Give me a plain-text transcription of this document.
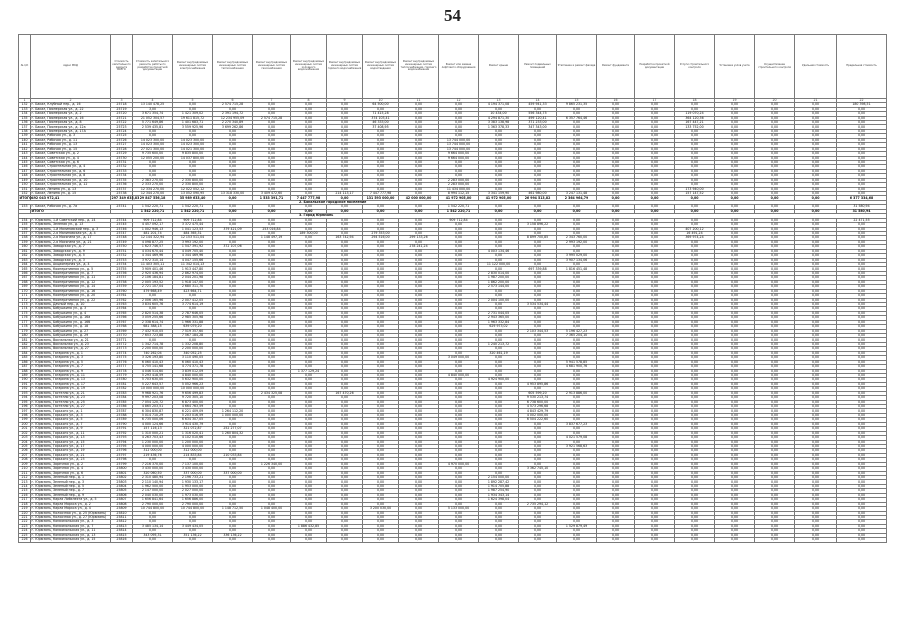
54
№ п/п	Адрес МКД	Стоимость капитального ремонта ВСЕГО	Стоимость капитального ремонта, работы по разработке проектной документации	Ремонт внутридомовых инженерных систем электроснабжения	Ремонт внутридомовых инженерных систем теплоснабжения	Ремонт внутридомовых инженерных систем газоснабжения	Ремонт внутридомовых инженерных систем холодного водоснабжения	Ремонт внутридомовых инженерных систем горячего водоснабжения	Ремонт внутридомовых инженерных систем водоотведения	Ремонт внутридомовых инженерных систем теплоснабжения, горячего водоснабжения	Ремонт или замена лифтового оборудования	Ремонт крыши	Ремонт подвальных помещений	Утепление и ремонт фасада	Ремонт фундамента	Разработка проектной документации	Услуги строительного контроля	Установка узлов учета	Осуществление строительного контроля	Удельная стоимость	Предельная стоимость	
1	2	3	4	5	6	7	8	9	10	11	12	13	14	15	16	17	18	19	20	21	22	
132	г. Бакал, Клубный пер., д. 16	25718	13 140 478,25	0,00	2 574 715,28	0,00	0,00	0,00	64 500,00	0,00	0,00	4 194 371,08	459 941,33	9 865 231,35	0,00	0,00	0,00	0,00	0,00	0,00	180 398,51	
133	г. Бакал, Пионерская ул., д. 22	25719	3,00	0,00	0,00	0,00	0,00	0,00	0,00	0,00	0,00	0,00	0,00	0,00	0,00	0,00	0,00	0,00	0,00	0,00	0,00	
134	г. Бакал, Пионерская ул., д. 2	25720	3 671 354,74	1 421 309,02	2 391 194,72	0,00	0,00	0,00	71 415,28	0,00	0,00	10 434,00	556 344,75	0,00	0,00	0,00	119 070,24	0,00	0,00	0,00	0,00	
135	г. Бакал, Пионерская ул., д. 16	25721	21 052 304,57	19 611 815,72	12 234 955,09	2 574 715,28	0,00	0,00	374 103,41	0,00	0,00	4 294 871,30	499 120,41	6 357 764,46	0,00	0,00	364 120,36	0,00	0,00	0,00	0,00	
136	г. Бакал, Пионерская ул., д. 8	25722	5 771 649,86	1 401 683,71	2 270 340,89	0,00	0,00	0,00	46 333,00	0,00	0,00	3 383 138,98	371 233,00	0,00	0,00	0,00	167 447,21	0,00	0,00	0,00	0,00	
137	г. Бакал, Пионерская ул., д. 12а	25723	2 539 435,81	3 559 925,96	3 699 262,86	0,00	0,00	0,00	37 408,95	0,00	0,00	1 363 378,33	347 343,00	0,00	0,00	0,00	133 752,00	0,00	0,00	0,00	0,00	
138	г. Бакал, Пионерская ул., д. 17А	25724	0,00	0,00	0,00	0,00	0,00	0,00	0,00	0,00	0,00	0,00	0,00	0,00	0,00	0,00	0,00	0,00	0,00	0,00	0,00	
139	г. Бакал, Рабочая ул., д. 3	25725	0,00	0,00	0,00	0,00	0,00	0,00	0,00	0,00	0,00	0,00	0,00	0,00	0,00	0,00	0,00	0,00	0,00	0,00	0,00	
140	г. Бакал, Рабочая ул., д. 11	25726	14 023 300,00	14 023 300,00	0,00	0,00	0,00	0,00	0,00	0,00	13 744 000,00	0,00	0,00	0,00	0,00	0,00	0,00	0,00	0,00	0,00	0,00	
141	г. Бакал, Рабочая ул., д. 13	25727	14 023 300,00	14 023 300,00	0,00	0,00	0,00	0,00	0,00	0,00	13 744 000,00	0,00	0,00	0,00	0,00	0,00	0,00	0,00	0,00	0,00	0,00	
142	г. Бакал, Рабочая ул., д. 15	25728	27 021 300,00	14 021 300,00	0,00	0,00	0,00	0,00	0,00	0,00	13 744 000,00	0,00	0,00	0,00	0,00	0,00	0,00	0,00	0,00	0,00	0,00	
143	г. Бакал, Советская ул., д. 2	25729	9 735 600,00	9 835 800,00	0,00	0,00	0,00	0,00	0,00	0,00	9 664 000,00	0,00	0,00	0,00	0,00	0,00	0,00	0,00	0,00	0,00	0,00	
144	г. Бакал, Советская ул., д. 4	25730	12 055 200,00	14 037 800,00	0,00	0,00	0,00	0,00	0,00	0,00	9 664 000,00	0,00	0,00	0,00	0,00	0,00	0,00	0,00	0,00	0,00	0,00	
145	г. Бакал, Советская ул., д. 6	25731	0,00	0,00	0,00	0,00	0,00	0,00	0,00	0,00	0,00	0,00	0,00	0,00	0,00	0,00	0,00	0,00	0,00	0,00	0,00	
146	г. Бакал, Строительная ул., д. 4	25732	0,00	0,00	0,00	0,00	0,00	0,00	0,00	0,00	0,00	0,00	0,00	0,00	0,00	0,00	0,00	0,00	0,00	0,00	0,00	
147	г. Бакал, Строительная ул., д. 6	25733	0,00	0,00	0,00	0,00	0,00	0,00	0,00	0,00	0,00	0,00	0,00	0,00	0,00	0,00	0,00	0,00	0,00	0,00	0,00	
148	г. Бакал, Строительная ул., д. 8	25734	0,00	0,00	0,00	0,00	0,00	0,00	0,00	0,00	0,00	0,00	0,00	0,00	0,00	0,00	0,00	0,00	0,00	0,00	0,00	
149	г. Бакал, Строительная ул., д. 10	25735	2 383 270,00	2 330 800,00	0,00	0,00	0,00	0,00	0,00	0,00	2 283 000,00	0,00	0,00	0,00	0,00	0,00	0,00	0,00	0,00	0,00	0,00	
150	г. Бакал, Строительная ул., д. 12	25736	2 333 270,00	2 330 800,00	0,00	0,00	0,00	0,00	0,00	0,00	2 283 000,00	0,00	0,00	0,00	0,00	0,00	0,00	0,00	0,00	0,00	0,00	
151	г. Бакал, Ленина ул., д. 13	25737	12 334 270,00	12 022 052,12	0,00	0,00	0,00	0,00	0,00	0,00	11 434 000,00	0,00	0,00	0,00	0,00	0,00	173 940,00	0,00	0,00	0,00	0,00	
152	г. Бакал, Ленина ул., д. 15	25738	12 344 270,00	13 052 090,95	13 318 330,00	3 409 472,60	0,00	214 113,17	7 447 777,98	0,00	8 994 112,15	3 341 159,90	461 980,00	3 247 131,48	0,00	0,00	157 147,52	0,00	0,00	0,00	0,00	
ИТОГО	492 043 972,41	297 349 635,83	29 847 556,18	35 989 633,40	0,00	1 533 391,71	7 447 777,98	0,00	131 593 000,00	42 000 000,00	41 972 905,00	41 972 905,00	26 994 513,82	2 364 964,79	0,00	0,00	0,00	0,00	0,00	0,00	6 377 334,68	
2. Бакальское городское поселение																						
153	г. Бакал, Рабочая ул., д. 7а	25741	1 542 220,71	1 542 220,71	0,00	0,00	0,00	0,00	0,00	0,00	1 542 220,71	0,00	0,00	0,00	0,00	0,00	0,00	0,00	0,00	0,00	31 580,94	
	ИТОГО		1 542 220,71	1 542 220,71	0,00	0,00	0,00	0,00	0,00	0,00	1 542 220,71	0,00	0,00	0,00	0,00	0,00	0,00	0,00	0,00	0,00	31 580,94	
3. Город Юрюзань																						
154	г. Юрюзань, 1-й Советский пер., д. 14	25744	909 712,84	909 712,84	0,00	0,00	0,00	0,00	0,00	0,00	909 712,84	0,00	0,00	0,00	0,00	0,00	0,00	0,00	0,00	0,00	22 471,55	
155	г. Юрюзань, Зеленая ул., д. 13	25745	4 457 092,17	3 372 475,44	0,00	0,00	0,00	0,00	0,00	0,00	0,00	0,00	3 158 896,22	0,00	0,00	0,00	0,00	0,00	0,00	0,00	0,00	
156	г. Юрюзань, 1-й Малиновский пер., д. 3	25746	1 002 946,13	1 041 123,53	379 421,09	253 016,84	0,00	0,00	0,00	0,00	0,00	0,00	0,00	0,00	0,00	0,00	407 200,12	0,00	0,00	0,00	0,00	
157	г. Юрюзань, 2-я Малиновская ул., д. 4	25747	481 201,74	484 365,31	0,00	0,00	189 300,00	0,00	279 353,00	0,00	0,00	0,00	0,00	0,00	0,00	0,00	16 491,24	0,00	0,00	0,00	0,00	
158	г. Юрюзань, 2-я Мосягина ул., д. 17	25748	12 144 322,94	12 153 511,04	0,00	1 148 497,19	0,00	163 742,94	294 516,00	299 133,26	0,00	0,00	8 899 700,85	2 343 760,00	0,00	0,00	369 974,24	0,00	0,00	0,00	0,00	
159	г. Юрюзань, 2-я Мосягина ул., д. 21	25749	4 098 877,25	3 993 192,00	0,00	0,00	0,00	0,00	0,00	0,00	0,00	0,00	0,00	2 993 192,00	0,00	0,00	0,00	0,00	0,00	0,00	0,00	
160	г. Юрюзань, Заводская ул., д. 7	25750	1 623 746,57	1 547 391,92	372 107,06	0,00	0,00	0,00	0,00	278 241,24	0,00	0,00	0,00	0,00	0,00	0,00	0,00	0,00	0,00	0,00	0,00	
161	г. Юрюзань, Заводская ул., д. 9	25751	4 034 670,44	4 049 705,40	0,00	0,00	0,00	0,00	0,00	0,00	0,00	4 003 134,46	0,00	0,00	0,00	0,00	0,00	0,00	0,00	0,00	0,00	
162	г. Юрюзань, Заводская ул., д. 5	25752	4 344 469,96	4 344 469,96	0,00	0,00	0,00	0,00	0,00	0,00	0,00	0,00	0,00	3 995 029,00	0,00	0,00	0,00	0,00	0,00	0,00	0,00	
163	г. Юрюзань, Заводская ул., д. 3	25753	3 972 310,14	4 047 155,66	0,00	0,00	0,00	0,00	0,00	0,00	0,00	0,00	0,00	3 907 134,06	0,00	0,00	0,00	0,00	0,00	0,00	0,00	
164	г. Юрюзань, Акционерная ул., д. 4	25754	11 403 305,11	11 342 014,13	0,00	0,00	0,00	0,00	0,00	0,00	0,00	11 122 000,00	0,00	0,00	0,00	0,00	0,00	0,00	0,00	0,00	0,00	
165	г. Юрюзань, Кооперативная ул., д. 5	25755	3 909 401,46	1 913 447,80	0,00	0,00	0,00	0,00	0,00	0,00	0,00	0,00	697 339,88	1 816 451,48	0,00	0,00	0,00	0,00	0,00	0,00	0,00	
166	г. Юрюзань, Кооперативная ул., д. 7	25756	2 920 436,94	2 862 974,00	0,00	0,00	0,00	0,00	0,00	0,00	0,00	2 830 014,00	0,00	0,00	0,00	0,00	0,00	0,00	0,00	0,00	0,00	
167	г. Юрюзань, Кооперативная ул., д. 11	25757	2 106 184,81	2 044 201,98	0,00	0,00	0,00	0,00	0,00	0,00	0,00	1 987 200,00	0,00	0,00	0,00	0,00	0,00	0,00	0,00	0,00	0,00	
168	г. Юрюзань, Кооперативная ул., д. 12	25758	2 005 193,52	1 918 147,00	0,00	0,00	0,00	0,00	0,00	0,00	0,00	1 862 200,00	0,00	0,00	0,00	0,00	0,00	0,00	0,00	0,00	0,00	
169	г. Юрюзань, Кооперативная ул., д. 14	25759	2 721 107,04	2 680 311,70	0,00	0,00	0,00	0,00	0,00	0,00	0,00	2 573 144,00	0,00	0,00	0,00	0,00	0,00	0,00	0,00	0,00	0,00	
170	г. Юрюзань, Кооперативная ул., д. 16	25760	479 668,49	423 664,71	0,00	0,00	0,00	0,00	0,00	0,00	0,00	0,00	0,00	0,00	0,00	0,00	0,00	0,00	0,00	0,00	0,00	
171	г. Юрюзань, Кооперативная ул., д. 20	25761	0,00	0,00	0,00	0,00	0,00	0,00	0,00	0,00	0,00	0,00	0,00	0,00	0,00	0,00	0,00	0,00	0,00	0,00	0,00	
172	г. Юрюзань, Кооперативная ул., д. 22	25762	2 006 165,96	2 007 412,05	0,00	0,00	0,00	0,00	0,00	0,00	0,00	2 004 100,00	0,00	0,00	0,00	0,00	0,00	0,00	0,00	0,00	0,00	
173	г. Юрюзань, Дачный пер., д. 10	25763	3 834 605,76	3 774 614,19	0,00	0,00	0,00	0,00	0,00	0,00	0,00	0,00	3 534 534,44	0,00	0,00	0,00	0,00	0,00	0,00	0,00	0,00	
174	г. Юрюзань, Бабушкина ул., д. 3	25764	0,00	0,00	0,00	0,00	0,00	0,00	0,00	0,00	0,00	0,00	0,00	0,00	0,00	0,00	0,00	0,00	0,00	0,00	0,00	
175	г. Юрюзань, Бабушкина ул., д. 4	25765	2 820 514,38	2 787 646,05	0,00	0,00	0,00	0,00	0,00	0,00	0,00	2 731 044,05	0,00	0,00	0,00	0,00	0,00	0,00	0,00	0,00	0,00	
176	г. Юрюзань, Бабушкина ул., д. 16а	25766	3 059 255,66	2 985 305,98	0,00	0,00	0,00	0,00	0,00	0,00	0,00	2 943 365,00	0,00	0,00	0,00	0,00	0,00	0,00	0,00	0,00	0,00	
177	г. Юрюзань, Бабушкина ул., д. 16б	25767	2 338 614,74	1 966 331,88	0,00	0,00	0,00	0,00	0,00	0,00	0,00	1 963 332,84	0,00	0,00	0,00	0,00	0,00	0,00	0,00	0,00	0,00	
178	г. Юрюзань, Бабушкина ул., д. 18	25768	681 388,15	639 079,20	0,00	0,00	0,00	0,00	0,00	0,00	0,00	629 973,02	0,00	0,00	0,00	0,00	0,00	0,00	0,00	0,00	0,00	
179	г. Юрюзань, Бабушкина ул., д. 27	25769	7 432 910,05	7 519 357,60	0,00	0,00	0,00	0,00	0,00	0,00	0,00	0,00	2 103 344,53	5 196 427,23	0,00	0,00	0,00	0,00	0,00	0,00	0,00	
180	г. Юрюзань, Бабушкина ул., д. 29	25770	7 653 723,88	7 567 184,28	0,00	0,00	0,00	0,00	0,00	0,00	0,00	0,00	0,00	7 365 204,10	0,00	0,00	0,00	0,00	0,00	0,00	0,00	
181	г. Юрюзань, Вокзальная ул., д. 21	25771	0,00	0,00	0,00	0,00	0,00	0,00	0,00	0,00	0,00	0,00	0,00	0,00	0,00	0,00	0,00	0,00	0,00	0,00	0,00	
182	г. Юрюзань, Вокзальная ул., д. 23	25772	1 342 714,78	1 332 208,80	0,00	0,00	0,00	0,00	0,00	0,00	0,00	1 240 213,72	0,00	0,00	0,00	0,00	0,00	0,00	0,00	0,00	0,00	
183	г. Юрюзань, Вокзальная ул., д. 27	25773	2 200 000,00	2 200 000,00	0,00	0,00	0,00	0,00	0,00	0,00	0,00	0,00	0,00	0,00	0,00	0,00	0,00	0,00	0,00	0,00	0,00	
184	г. Юрюзань, Гагарина ул., д. 1	25774	740 262,04	340 052,25	0,00	0,00	0,00	0,00	0,00	0,00	0,00	320 461,19	0,00	0,00	0,00	0,00	0,00	0,00	0,00	0,00	0,00	
185	г. Юрюзань, Гагарина ул., д. 3	25775	3 326 193,80	3 110 490,05	0,00	0,00	0,00	0,00	0,00	0,00	3 049 000,00	0,00	0,00	0,00	0,00	0,00	0,00	0,00	0,00	0,00	0,00	
186	г. Юрюзань, Гагарина ул., д. 5	25776	6 060 410,43	6 060 410,43	0,00	0,00	0,00	0,00	0,00	0,00	0,00	0,00	0,00	5 941 578,85	0,00	0,00	0,00	0,00	0,00	0,00	0,00	
187	г. Юрюзань, Гагарина ул., д. 7	25777	4 755 141,68	4 774 371,78	0,00	0,00	0,00	0,00	0,00	0,00	0,00	0,00	0,00	4 681 900,76	0,00	0,00	0,00	0,00	0,00	0,00	0,00	
188	г. Юрюзань, Гагарина ул., д. 9	25778	4 046 514,60	3 839 012,09	0,00	0,00	1 377 129,24	0,00	0,00	0,00	0,00	0,00	0,00	0,00	0,00	0,00	0,00	0,00	0,00	0,00	0,00	
189	г. Юрюзань, Гагарина ул., д. 11	25779	5 293 418,59	4 840 000,00	0,00	0,00	0,00	0,00	0,00	0,00	4 840 000,00	0,00	0,00	0,00	0,00	0,00	0,00	0,00	0,00	0,00	0,00	
190	г. Юрюзань, Гагарина ул., д. 13	25780	5 703 630,00	5 632 900,00	0,00	0,00	0,00	0,00	0,00	0,00	0,00	4 924 900,00	0,00	0,00	0,00	0,00	0,00	0,00	0,00	0,00	0,00	
191	г. Юрюзань, Гагарина ул., д. 17	25781	5 227 643,57	5 052 966,23	0,00	0,00	0,00	0,00	0,00	0,00	0,00	0,00	4 953 895,86	0,00	0,00	0,00	0,00	0,00	0,00	0,00	0,00	
192	г. Юрюзань, Гагарина ул., д. 19	25782	10 000 000,00	10 000 000,00	0,00	0,00	0,00	0,00	0,00	0,00	0,00	0,00	0,00	0,00	0,00	0,00	0,00	0,00	0,00	0,00	0,00	
193	г. Юрюзань, Гастелло ул., д. 21	25783	9 968 921,76	9 656 499,83	0,00	2 434 325,08	0,00	167 470,26	0,00	0,00	0,00	0,00	605 599,20	2 913 886,00	0,00	0,00	0,00	0,00	0,00	0,00	0,00	
194	г. Юрюзань, Гастелло ул., д. 23	25784	9 997 203,08	9 720 305,10	0,00	0,00	0,00	0,00	0,00	0,00	0,00	0,00	9 530 213,74	0,00	0,00	0,00	0,00	0,00	0,00	0,00	0,00	
195	г. Юрюзань, Гастелло ул., д. 25	25785	7 054 120,72	6 873 400,00	0,00	0,00	0,00	0,00	0,00	0,00	0,00	0,00	6 738 600,00	0,00	0,00	0,00	0,00	0,00	0,00	0,00	0,00	
196	г. Юрюзань, Гастелло ул., д. 27	25786	4 865 203,51	4 664 763,59	0,00	0,00	0,00	0,00	0,00	0,00	0,00	0,00	4 573 296,68	0,00	0,00	0,00	0,00	0,00	0,00	0,00	0,00	
197	г. Юрюзань, Горького ул., д. 1	25787	6 304 830,87	6 221 409,09	1 264 112,20	0,00	0,00	0,00	0,00	0,00	0,00	0,00	4 843 429,79	0,00	0,00	0,00	0,00	0,00	0,00	0,00	0,00	
198	г. Юрюзань, Горького ул., д. 3	25788	5 014 710,29	5 203 016,59	1 000 000,00	0,00	0,00	0,00	0,00	0,00	0,00	0,00	4 002 000,00	0,00	0,00	0,00	0,00	0,00	0,00	0,00	0,00	
199	г. Юрюзань, Горького ул., д. 5	25789	6 735 000,06	6 634 307,05	0,00	0,00	0,00	0,00	0,00	0,00	0,00	0,00	6 504 222,60	0,00	0,00	0,00	0,00	0,00	0,00	0,00	0,00	
200	г. Юрюзань, Горького ул., д. 7	25790	4 000 124,66	3 914 430,79	0,00	0,00	0,00	0,00	0,00	0,00	0,00	0,00	0,00	3 837 677,23	0,00	0,00	0,00	0,00	0,00	0,00	0,00	
201	г. Юрюзань, Горького ул., д. 9	25791	157 116,13	321 072,87	252 277,07	0,00	0,00	0,00	0,00	0,00	0,00	0,00	0,00	0,00	0,00	0,00	0,00	0,00	0,00	0,00	0,00	
202	г. Юрюзань, Горького ул., д. 11	25792	1 310 000,21	1 316 020,41	1 260 804,32	0,00	0,00	0,00	0,00	0,00	0,00	0,00	0,00	0,00	0,00	0,00	0,00	0,00	0,00	0,00	0,00	
203	г. Юрюзань, Горького ул., д. 13	25793	4 263 703,43	4 102 010,66	0,00	0,00	0,00	0,00	0,00	0,00	0,00	0,00	0,00	4 021 579,08	0,00	0,00	0,00	0,00	0,00	0,00	0,00	
204	г. Юрюзань, Горького ул., д. 15	25794	1 230 000,00	1 200 000,00	0,00	0,00	0,00	0,00	0,00	0,00	0,00	0,00	0,00	0,00	0,00	0,00	0,00	0,00	0,00	0,00	0,00	
205	г. Юрюзань, Горького ул., д. 17	25795	4 000 000,00	4 000 000,00	0,00	0,00	0,00	0,00	0,00	0,00	0,00	0,00	0,00	3 921 568,63	0,00	0,00	0,00	0,00	0,00	0,00	0,00	
206	г. Юрюзань, Горького ул., д. 19	25796	312 000,00	312 000,00	0,00	0,00	0,00	0,00	0,00	0,00	0,00	0,00	0,00	0,00	0,00	0,00	0,00	0,00	0,00	0,00	0,00	
207	г. Юрюзань, Горького ул., д. 21	25797	219 436,76	214 833,84	210 033,84	0,00	0,00	0,00	0,00	0,00	0,00	0,00	0,00	0,00	0,00	0,00	0,00	0,00	0,00	0,00	0,00	
208	г. Юрюзань, Горького ул., д. 23	25798	0,00	0,00	0,00	0,00	0,00	0,00	0,00	0,00	0,00	0,00	0,00	0,00	0,00	0,00	0,00	0,00	0,00	0,00	0,00	
209	г. Юрюзань, Заречная ул., д. 2	25799	7 216 370,00	7 137 100,00	0,00	1 226 340,00	0,00	0,00	0,00	0,00	4 970 000,00	0,00	0,00	0,00	0,00	0,00	0,00	0,00	0,00	0,00	0,00	
210	г. Юрюзань, Заречная ул., д. 4	25800	3 430 000,00	3 430 000,00	0,00	0,00	0,00	0,00	0,00	0,00	0,00	0,00	3 362 745,10	0,00	0,00	0,00	0,00	0,00	0,00	0,00	0,00	
211	г. Юрюзань, Заречная ул., д. 6	25801	320 060,50	337 000,00	337 000,00	0,00	0,00	0,00	0,00	0,00	0,00	0,00	0,00	0,00	0,00	0,00	0,00	0,00	0,00	0,00	0,00	
212	г. Юрюзань, Зеленый пер., д. 1	25802	2 310 480,94	2 196 733,21	0,00	0,00	0,00	0,00	0,00	0,00	0,00	2 154 000,00	0,00	0,00	0,00	0,00	0,00	0,00	0,00	0,00	0,00	
213	г. Юрюзань, Зеленый пер., д. 3	25803	2 110 140,94	1 930 133,17	0,00	0,00	0,00	0,00	0,00	0,00	0,00	1 892 287,42	0,00	0,00	0,00	0,00	0,00	0,00	0,00	0,00	0,00	
214	г. Юрюзань, Зеленый пер., д. 5	25804	1 962 500,00	1 953 000,00	0,00	0,00	0,00	0,00	0,00	0,00	0,00	1 914 705,88	0,00	0,00	0,00	0,00	0,00	0,00	0,00	0,00	0,00	
215	г. Юрюзань, Зеленый пер., д. 7	25805	2 147 000,00	2 027 000,00	0,00	0,00	0,00	0,00	0,00	0,00	0,00	1 987 254,90	0,00	0,00	0,00	0,00	0,00	0,00	0,00	0,00	0,00	
216	г. Юрюзань, Зеленый пер., д. 9	25806	2 040 030,00	1 973 030,00	0,00	0,00	0,00	0,00	0,00	0,00	0,00	1 934 343,14	0,00	0,00	0,00	0,00	0,00	0,00	0,00	0,00	0,00	
217	г. Юрюзань, Карла Либкнехта ул., д. 5	25807	1 656 841,64	1 656 886,00	0,00	0,00	0,00	0,00	0,00	0,00	0,00	1 624 398,04	0,00	0,00	0,00	0,00	0,00	0,00	0,00	0,00	0,00	
218	г. Юрюзань, Карла Маркса ул., д. 2	25808	2 790 000,00	2 790 000,00	0,00	0,00	0,00	0,00	0,00	0,00	0,00	0,00	2 735 294,12	0,00	0,00	0,00	0,00	0,00	0,00	0,00	0,00	
219	г. Юрюзань, Карла Маркса ул., д. 4	25809	10 744 800,00	10 744 800,00	1 148 712,50	1 048 400,00	0,00	0,00	3 200 030,00	0,00	5 133 000,00	0,00	0,00	0,00	0,00	0,00	0,00	0,00	0,00	0,00	0,00	
220	г. Юрюзань, Колхозная ул., д. 25 (Юрюзань)	25810	0,00	0,00	0,00	0,00	0,00	0,00	0,00	0,00	0,00	0,00	0,00	0,00	0,00	0,00	0,00	0,00	0,00	0,00	0,00	
221	г. Юрюзань, Колхозная ул., д. 27 (Юрюзань)	25811	0,00	0,00	0,00	0,00	0,00	0,00	0,00	0,00	0,00	0,00	0,00	0,00	0,00	0,00	0,00	0,00	0,00	0,00	0,00	
222	г. Юрюзань, Комсомольская ул., д. 3	25812	0,00	0,00	0,00	0,00	0,00	0,00	0,00	0,00	0,00	0,00	0,00	0,00	0,00	0,00	0,00	0,00	0,00	0,00	0,00	
223	г. Юрюзань, Комсомольская ул., д. 7	25813	3 485 134,14	3 449 434,05	0,00	0,00	1 886 432,85	0,00	0,00	0,00	0,00	0,00	0,00	1 529 879,49	0,00	0,00	0,00	0,00	0,00	0,00	0,00	
224	г. Юрюзань, Комсомольская ул., д. 11	25814	0,00	0,00	0,00	0,00	0,00	0,00	0,00	0,00	0,00	0,00	0,00	0,00	0,00	0,00	0,00	0,00	0,00	0,00	0,00	
225	г. Юрюзань, Комсомольская ул., д. 13	25815	343 095,31	351 136,22	336 136,22	0,00	0,00	0,00	0,00	0,00	0,00	0,00	0,00	0,00	0,00	0,00	0,00	0,00	0,00	0,00	0,00	
226	г. Юрюзань, Комсомольская ул., д. 15	25816	0,00	0,00	0,00	0,00	0,00	0,00	0,00	0,00	0,00	0,00	0,00	0,00	0,00	0,00	0,00	0,00	0,00	0,00	0,00	
